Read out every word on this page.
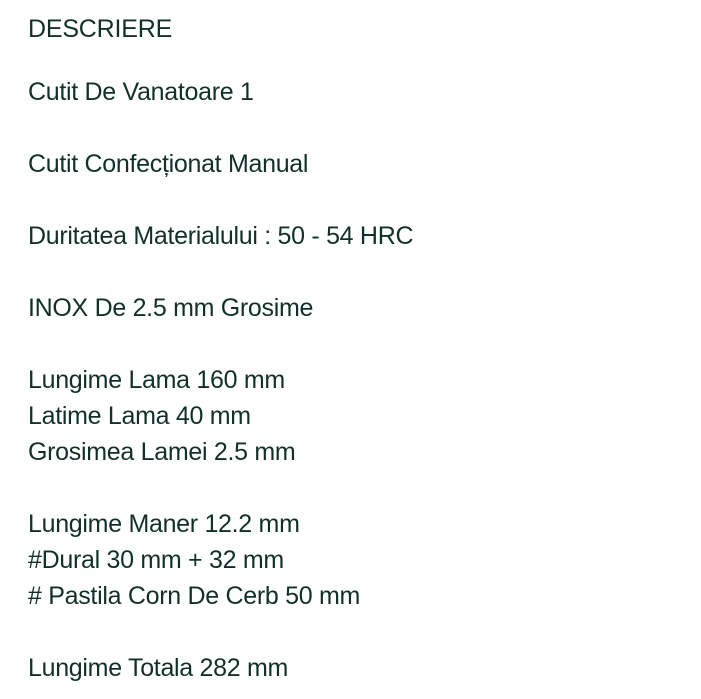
DESCRIERE
Cutit De Vanatoare 1
Cutit Confecționat Manual
Duritatea Materialului : 50 - 54 HRC
INOX De 2.5 mm Grosime
Lungime Lama 160 mm
Latime Lama 40 mm
Grosimea Lamei 2.5 mm
Lungime Maner 12.2 mm
#Dural 30 mm + 32 mm
# Pastila Corn De Cerb 50 mm
Lungime Totala 282 mm
